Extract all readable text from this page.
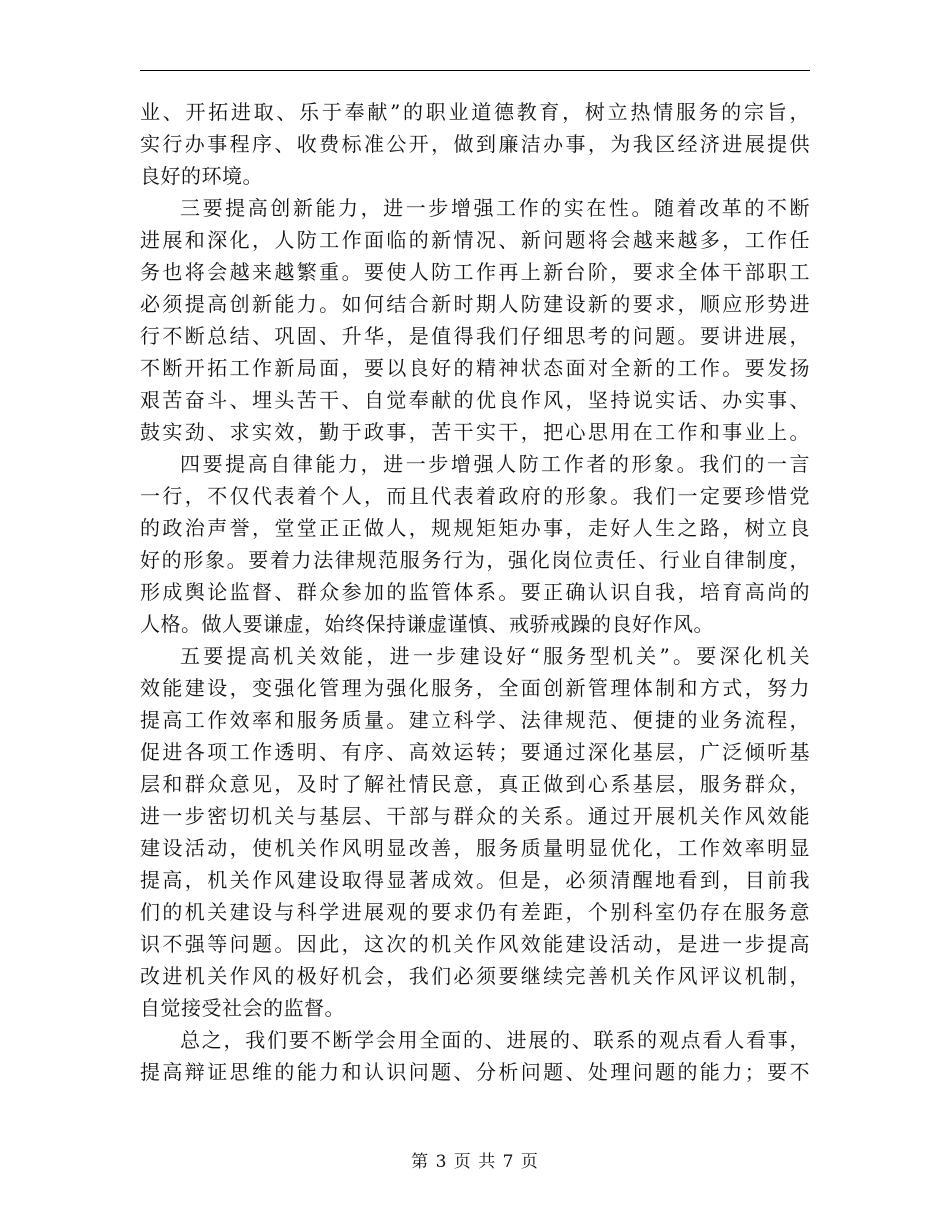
业、开拓进取、乐于奉献”的职业道德教育，树立热情服务的宗旨，
实行办事程序、收费标准公开，做到廉洁办事，为我区经济进展提供
良好的环境。
三要提高创新能力，进一步增强工作的实在性。随着改革的不断
进展和深化，人防工作面临的新情况、新问题将会越来越多，工作任
务也将会越来越繁重。要使人防工作再上新台阶，要求全体干部职工
必须提高创新能力。如何结合新时期人防建设新的要求，顺应形势进
行不断总结、巩固、升华，是值得我们仔细思考的问题。要讲进展，
不断开拓工作新局面，要以良好的精神状态面对全新的工作。要发扬
艰苦奋斗、埋头苦干、自觉奉献的优良作风，坚持说实话、办实事、
鼓实劲、求实效，勤于政事，苦干实干，把心思用在工作和事业上。
四要提高自律能力，进一步增强人防工作者的形象。我们的一言
一行，不仅代表着个人，而且代表着政府的形象。我们一定要珍惜党
的政治声誉，堂堂正正做人，规规矩矩办事，走好人生之路，树立良
好的形象。要着力法律规范服务行为，强化岗位责任、行业自律制度，
形成舆论监督、群众参加的监管体系。要正确认识自我，培育高尚的
人格。做人要谦虚，始终保持谦虚谨慎、戒骄戒躁的良好作风。
五要提高机关效能，进一步建设好“服务型机关”。要深化机关
效能建设，变强化管理为强化服务，全面创新管理体制和方式，努力
提高工作效率和服务质量。建立科学、法律规范、便捷的业务流程，
促进各项工作透明、有序、高效运转；要通过深化基层，广泛倾听基
层和群众意见，及时了解社情民意，真正做到心系基层，服务群众，
进一步密切机关与基层、干部与群众的关系。通过开展机关作风效能
建设活动，使机关作风明显改善，服务质量明显优化，工作效率明显
提高，机关作风建设取得显著成效。但是，必须清醒地看到，目前我
们的机关建设与科学进展观的要求仍有差距，个别科室仍存在服务意
识不强等问题。因此，这次的机关作风效能建设活动，是进一步提高
改进机关作风的极好机会，我们必须要继续完善机关作风评议机制，
自觉接受社会的监督。
总之，我们要不断学会用全面的、进展的、联系的观点看人看事，
提高辩证思维的能力和认识问题、分析问题、处理问题的能力；要不
第 3 页 共 7 页
